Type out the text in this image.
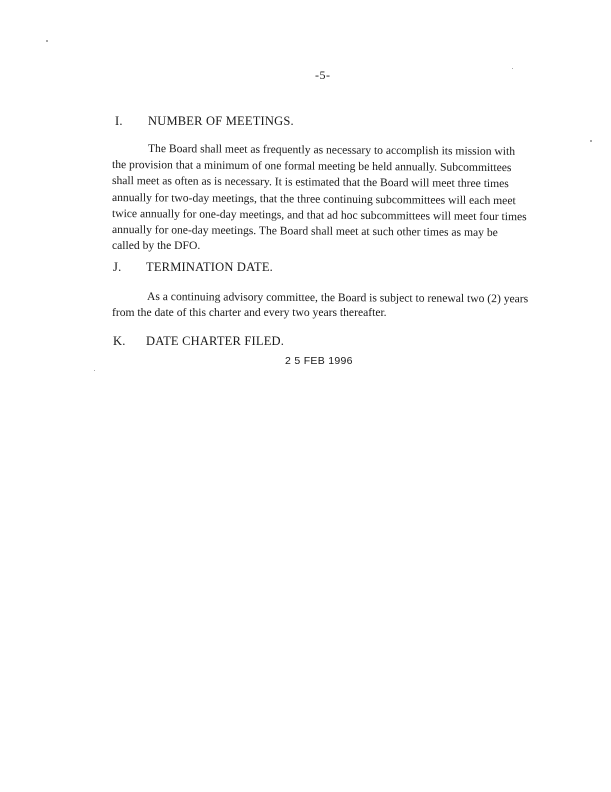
-5-
I. NUMBER OF MEETINGS.
The Board shall meet as frequently as necessary to accomplish its mission with
the provision that a minimum of one formal meeting be held annually. Subcommittees
shall meet as often as is necessary. It is estimated that the Board will meet three times
annually for two-day meetings, that the three continuing subcommittees will each meet
twice annually for one-day meetings, and that ad hoc subcommittees will meet four times
annually for one-day meetings. The Board shall meet at such other times as may be
called by the DFO.
J. TERMINATION DATE.
As a continuing advisory committee, the Board is subject to renewal two (2) years
from the date of this charter and every two years thereafter.
K. DATE CHARTER FILED.
2 5 FEB 1996
